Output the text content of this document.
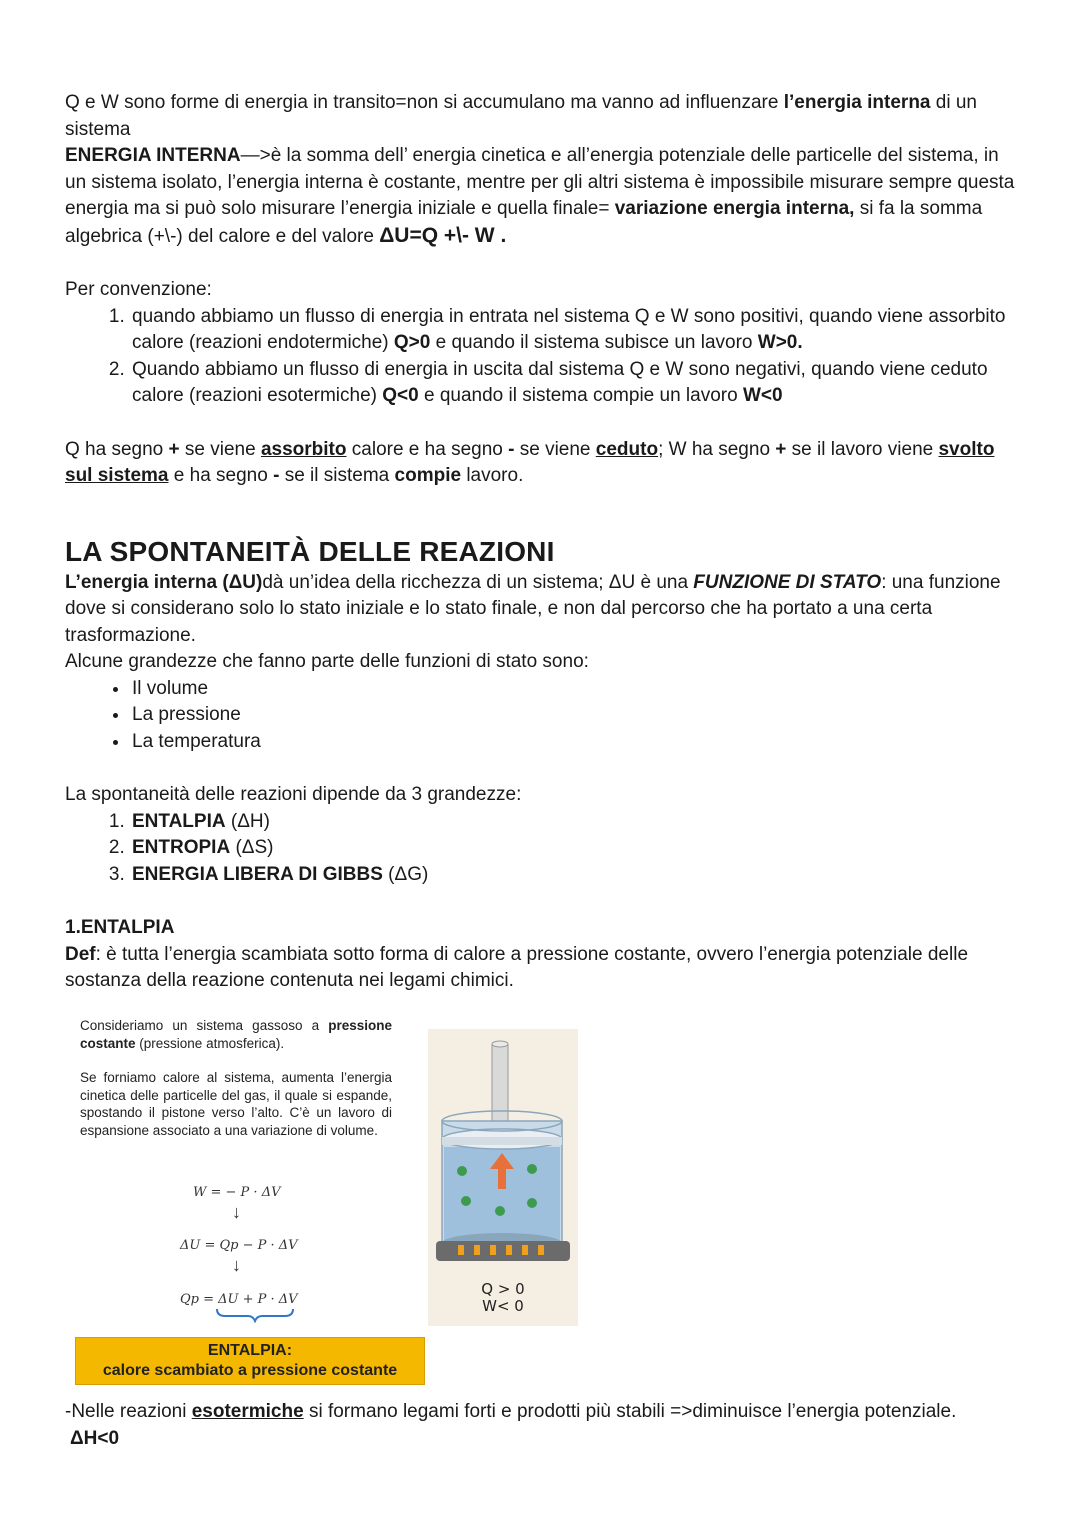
Q e W sono forme di energia in transito=non si accumulano ma vanno ad influenzare l’energia interna di un sistema

ENERGIA INTERNA—>è la somma dell’ energia cinetica e all’energia potenziale delle particelle del sistema, in un sistema isolato, l’energia interna è costante, mentre per gli altri sistema è impossibile misurare sempre questa energia ma si può solo misurare l’energia iniziale e quella finale= variazione energia interna, si fa la somma algebrica (+\-) del calore e del valore ΔU=Q +\- W .

Per convenzione:

1. quando abbiamo un flusso di energia in entrata nel sistema Q e W sono positivi, quando viene assorbito calore (reazioni endotermiche) Q>0 e quando il sistema subisce un lavoro W>0.
2. Quando abbiamo un flusso di energia in uscita dal sistema Q e W sono negativi, quando viene ceduto calore (reazioni esotermiche) Q<0 e quando il sistema compie un lavoro W<0

Q ha segno + se viene assorbito calore e ha segno - se viene ceduto; W ha segno + se il lavoro viene svolto sul sistema e ha segno - se il sistema compie lavoro.

LA SPONTANEITÀ DELLE REAZIONI

L’energia interna (ΔU)dà un’idea della ricchezza di un sistema; ΔU è una FUNZIONE DI STATO: una funzione dove si considerano solo lo stato iniziale e lo stato finale, e non dal percorso che ha portato a una certa trasformazione.

Alcune grandezze che fanno parte delle funzioni di stato sono:

• Il volume
• La pressione
• La temperatura

La spontaneità delle reazioni dipende da 3 grandezze:

1. ENTALPIA (ΔH)
2. ENTROPIA (ΔS)
3. ENERGIA LIBERA DI GIBBS (ΔG)

1.ENTALPIA

Def: è tutta l’energia scambiata sotto forma di calore a pressione costante, ovvero l’energia potenziale delle sostanza della reazione contenuta nei legami chimici.

Consideriamo un sistema gassoso a pressione costante (pressione atmosferica).

Se forniamo calore al sistema, aumenta l’energia cinetica delle particelle del gas, il quale si espande, spostando il pistone verso l’alto. C’è un lavoro di espansione associato a una variazione di volume.

W = − P · ΔV
↓
ΔU = Qp − P · ΔV
↓
Qp = ΔU + P · ΔV
ENTALPIA:
calore scambiato a pressione costante
Q > 0
W< 0

-Nelle reazioni esotermiche si formano legami forti e prodotti più stabili =>diminuisce l’energia potenziale.

ΔH<0
